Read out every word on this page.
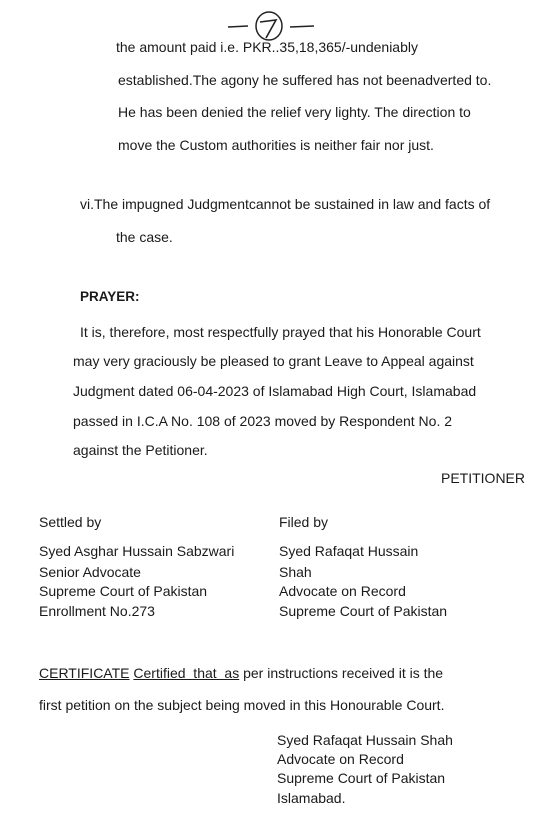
the amount paid i.e. PKR..35,18,365/-undeniably
established.The agony he suffered has not beenadverted to.
He has been denied the relief very lighty. The direction to
move the Custom authorities is neither fair nor just.
vi.The impugned Judgmentcannot be sustained in law and facts of
the case.
PRAYER:
It is, therefore, most respectfully prayed that his Honorable Court
may very graciously be pleased to grant Leave to Appeal against
Judgment dated 06-04-2023 of Islamabad High Court, Islamabad
passed in I.C.A No. 108 of 2023 moved by Respondent No. 2
against the Petitioner.
PETITIONER
Settled by
Syed Asghar Hussain Sabzwari
Senior Advocate
Supreme Court of Pakistan
Enrollment No.273
Filed by
Syed Rafaqat Hussain
Shah
Advocate on Record
Supreme Court of Pakistan
CERTIFICATE Certified  that  as per instructions received it is the
first petition on the subject being moved in this Honourable Court.
Syed Rafaqat Hussain Shah
Advocate on Record
Supreme Court of Pakistan
Islamabad.
